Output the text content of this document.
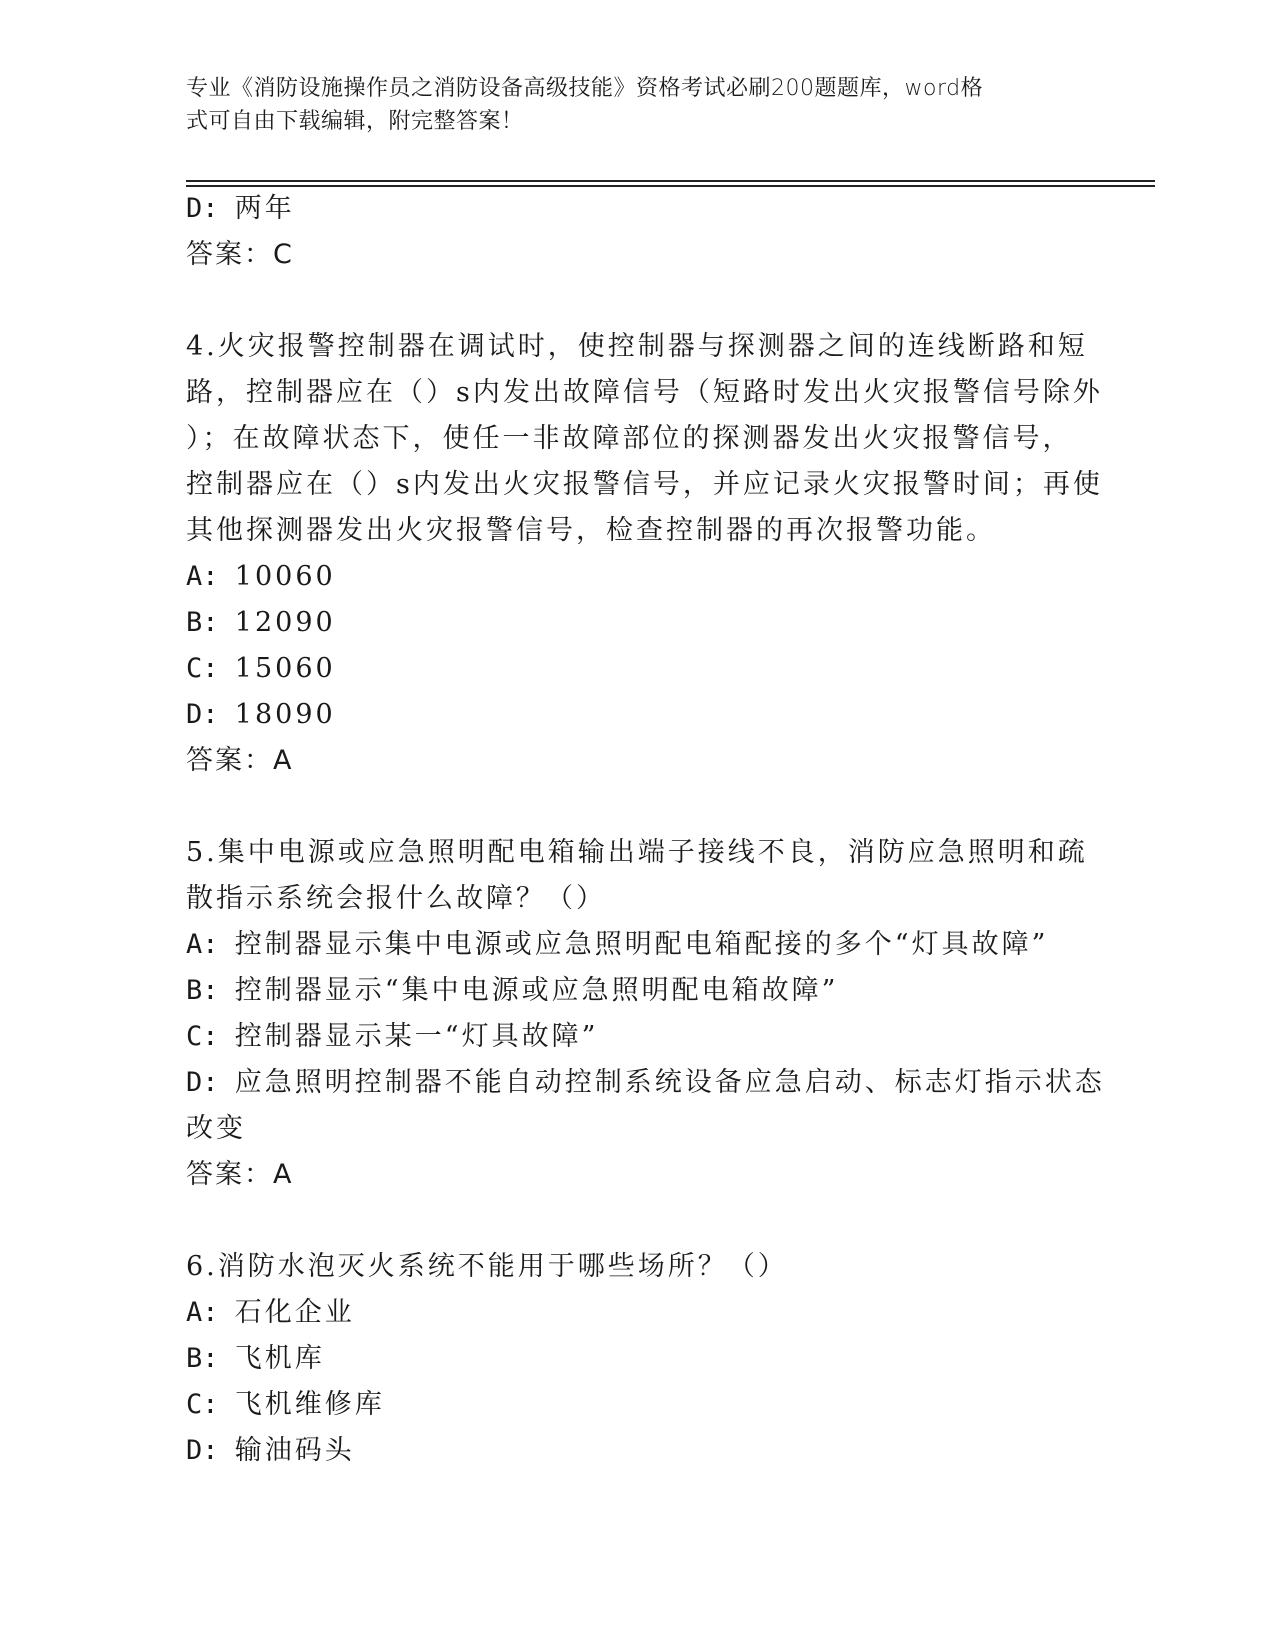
专业《消防设施操作员之消防设备高级技能》资格考试必刷200题题库，word格
式可自由下载编辑，附完整答案！
D: 两年
答案：C
4.火灾报警控制器在调试时，使控制器与探测器之间的连线断路和短
路，控制器应在（）s内发出故障信号（短路时发出火灾报警信号除外
）；在故障状态下，使任一非故障部位的探测器发出火灾报警信号，
控制器应在（）s内发出火灾报警信号，并应记录火灾报警时间；再使
其他探测器发出火灾报警信号，检查控制器的再次报警功能。
A: 10060
B: 12090
C: 15060
D: 18090
答案：A
5.集中电源或应急照明配电箱输出端子接线不良，消防应急照明和疏
散指示系统会报什么故障？（）
A: 控制器显示集中电源或应急照明配电箱配接的多个“灯具故障”
B: 控制器显示“集中电源或应急照明配电箱故障”
C: 控制器显示某一“灯具故障”
D: 应急照明控制器不能自动控制系统设备应急启动、标志灯指示状态
改变
答案：A
6.消防水泡灭火系统不能用于哪些场所？（）
A: 石化企业
B: 飞机库
C: 飞机维修库
D: 输油码头
